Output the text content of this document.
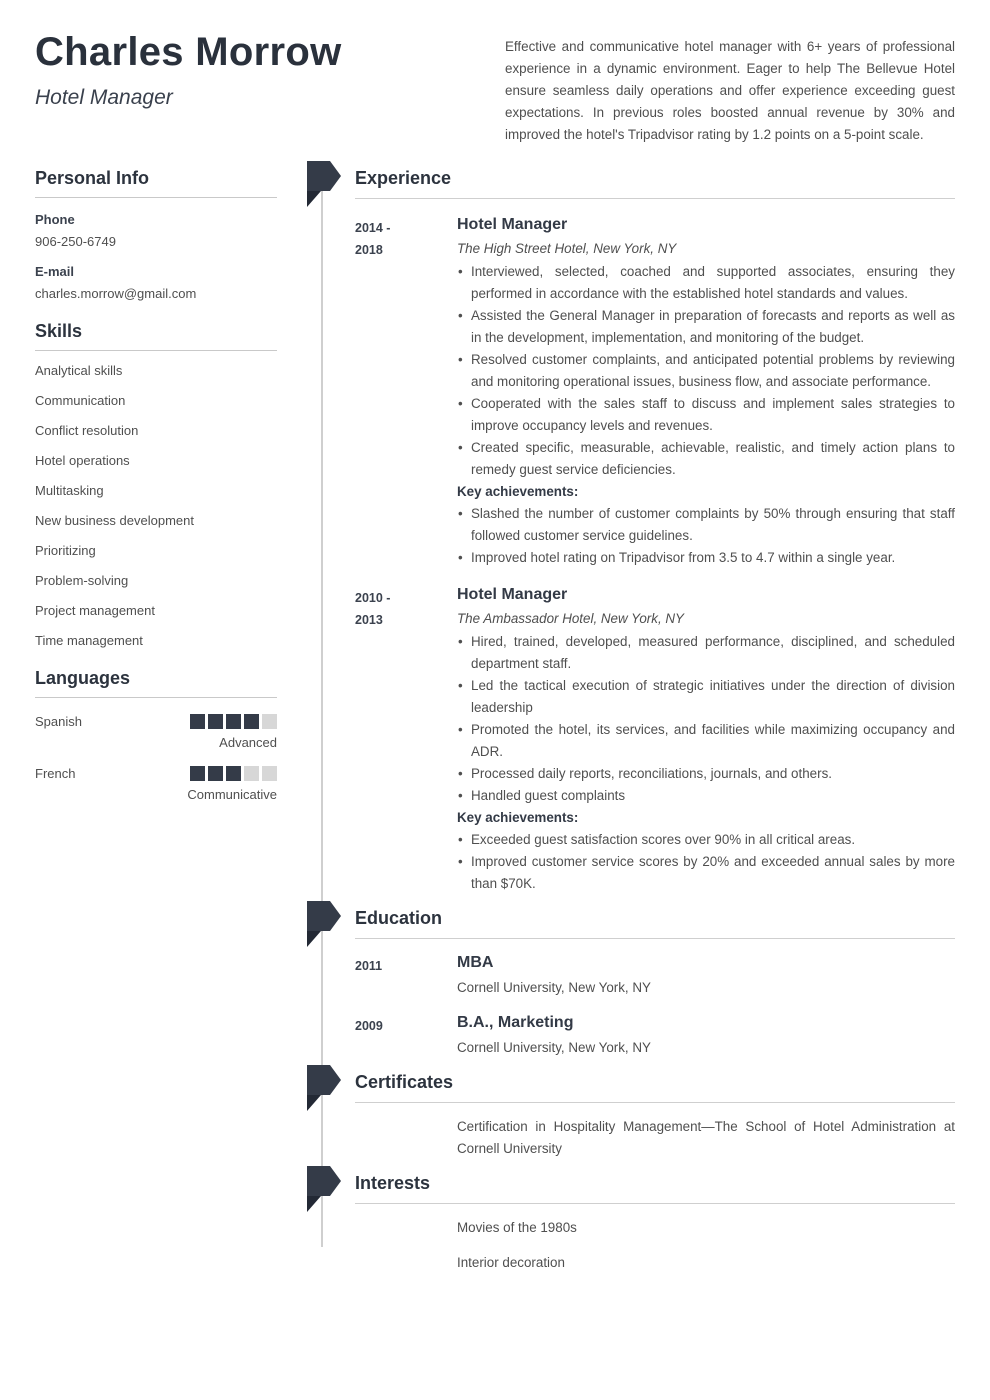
Charles Morrow
Hotel Manager
Effective and communicative hotel manager with 6+ years of professional experience in a dynamic environment. Eager to help The Bellevue Hotel ensure seamless daily operations and offer experience exceeding guest expectations. In previous roles boosted annual revenue by 30% and improved the hotel's Tripadvisor rating by 1.2 points on a 5-point scale.
Personal Info
Phone
906-250-6749
E-mail
charles.morrow@gmail.com
Skills
Analytical skills
Communication
Conflict resolution
Hotel operations
Multitasking
New business development
Prioritizing
Problem-solving
Project management
Time management
Languages
Spanish
Advanced
French
Communicative
Experience
2014 -
2018
Hotel Manager
The High Street Hotel, New York, NY
• Interviewed, selected, coached and supported associates, ensuring they performed in accordance with the established hotel standards and values.
• Assisted the General Manager in preparation of forecasts and reports as well as in the development, implementation, and monitoring of the budget.
• Resolved customer complaints, and anticipated potential problems by reviewing and monitoring operational issues, business flow, and associate performance.
• Cooperated with the sales staff to discuss and implement sales strategies to improve occupancy levels and revenues.
• Created specific, measurable, achievable, realistic, and timely action plans to remedy guest service deficiencies.
Key achievements:
• Slashed the number of customer complaints by 50% through ensuring that staff followed customer service guidelines.
• Improved hotel rating on Tripadvisor from 3.5 to 4.7 within a single year.
2010 -
2013
Hotel Manager
The Ambassador Hotel, New York, NY
• Hired, trained, developed, measured performance, disciplined, and scheduled department staff.
• Led the tactical execution of strategic initiatives under the direction of division leadership
• Promoted the hotel, its services, and facilities while maximizing occupancy and ADR.
• Processed daily reports, reconciliations, journals, and others.
• Handled guest complaints
Key achievements:
• Exceeded guest satisfaction scores over 90% in all critical areas.
• Improved customer service scores by 20% and exceeded annual sales by more than $70K.
Education
2011	MBA
Cornell University, New York, NY
2009	B.A., Marketing
Cornell University, New York, NY
Certificates
Certification in Hospitality Management—The School of Hotel Administration at Cornell University
Interests
Movies of the 1980s
Interior decoration
